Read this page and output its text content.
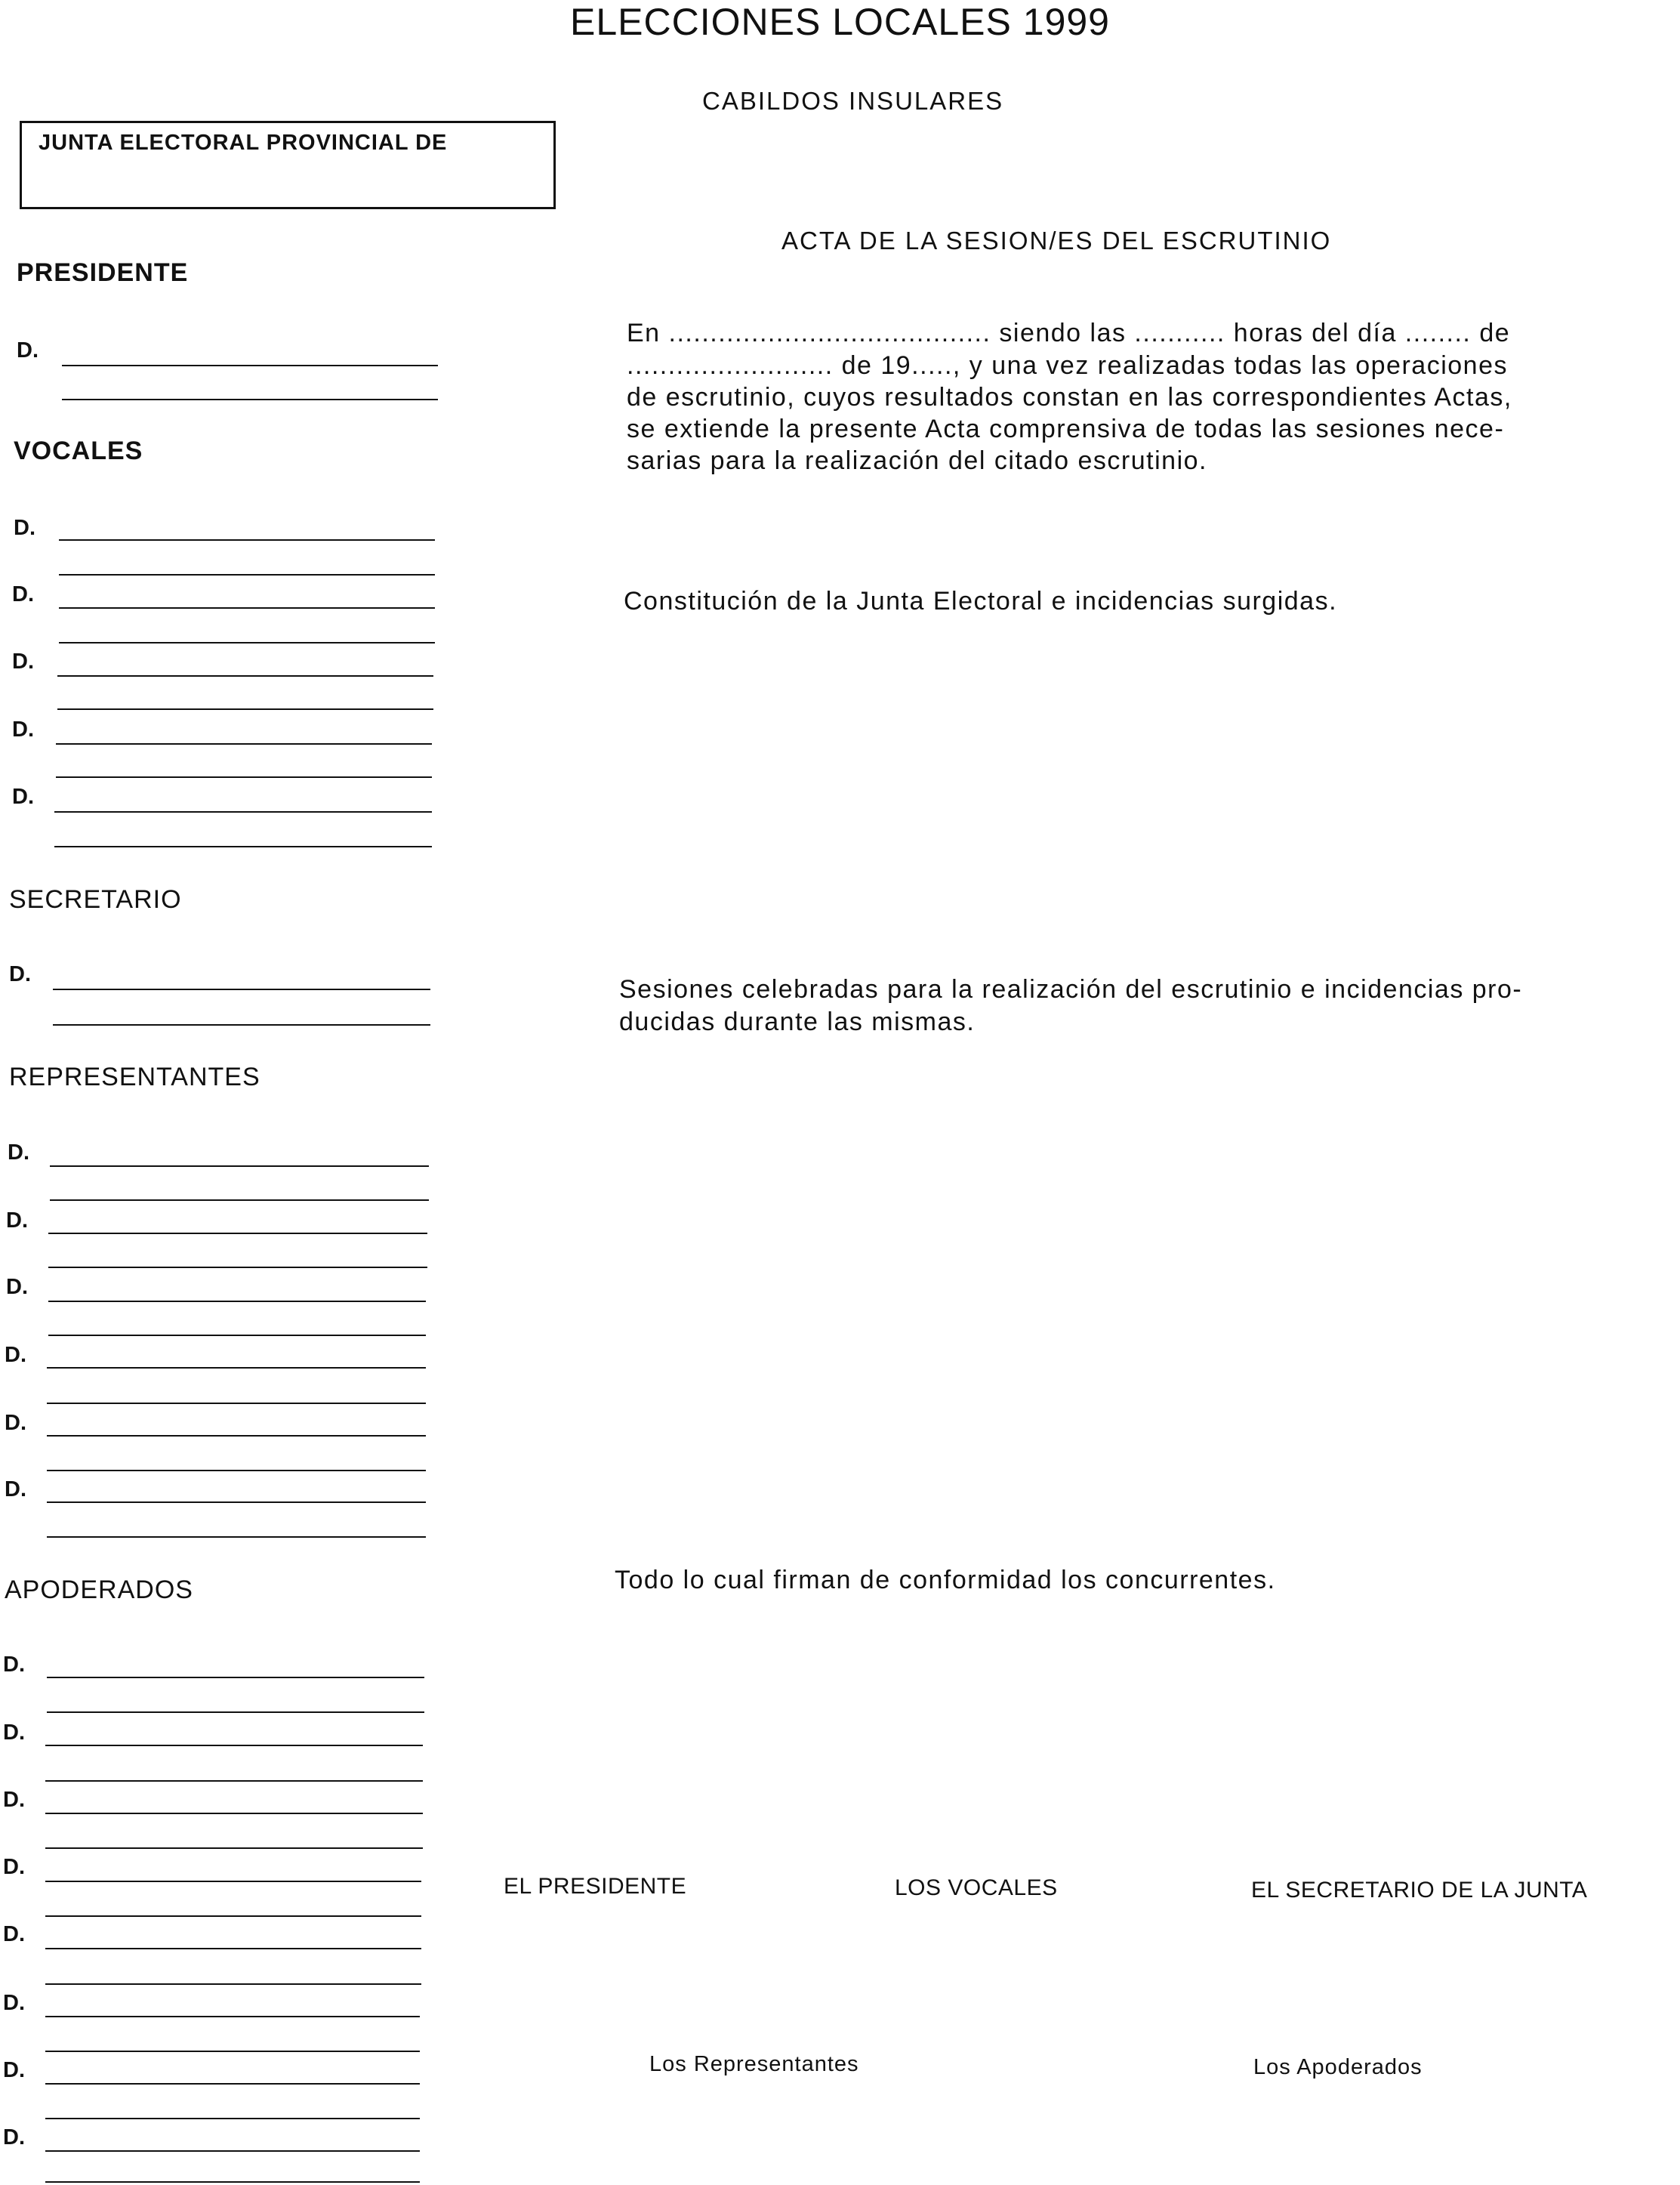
ELECCIONES LOCALES 1999
CABILDOS INSULARES
JUNTA ELECTORAL PROVINCIAL DE
PRESIDENTE
VOCALES
SECRETARIO
REPRESENTANTES
APODERADOS
D.
D.
D.
D.
D.
D.
D.
D.
D.
D.
D.
D.
D.
D.
D.
D.
D.
D.
D.
D.
D.
ACTA DE LA SESION/ES DEL ESCRUTINIO
En ....................................... siendo las ........... horas del día ........ de
......................... de 19....., y una vez realizadas todas las operaciones
de escrutinio, cuyos resultados constan en las correspondientes Actas,
se extiende la presente Acta comprensiva de todas las sesiones nece-
sarias para la realización del citado escrutinio.
Constitución de la Junta Electoral e incidencias surgidas.
Sesiones celebradas para la realización del escrutinio e incidencias pro-
ducidas durante las mismas.
Todo lo cual firman de conformidad los concurrentes.
EL PRESIDENTE	LOS VOCALES	EL SECRETARIO DE LA JUNTA
Los Representantes	Los Apoderados
